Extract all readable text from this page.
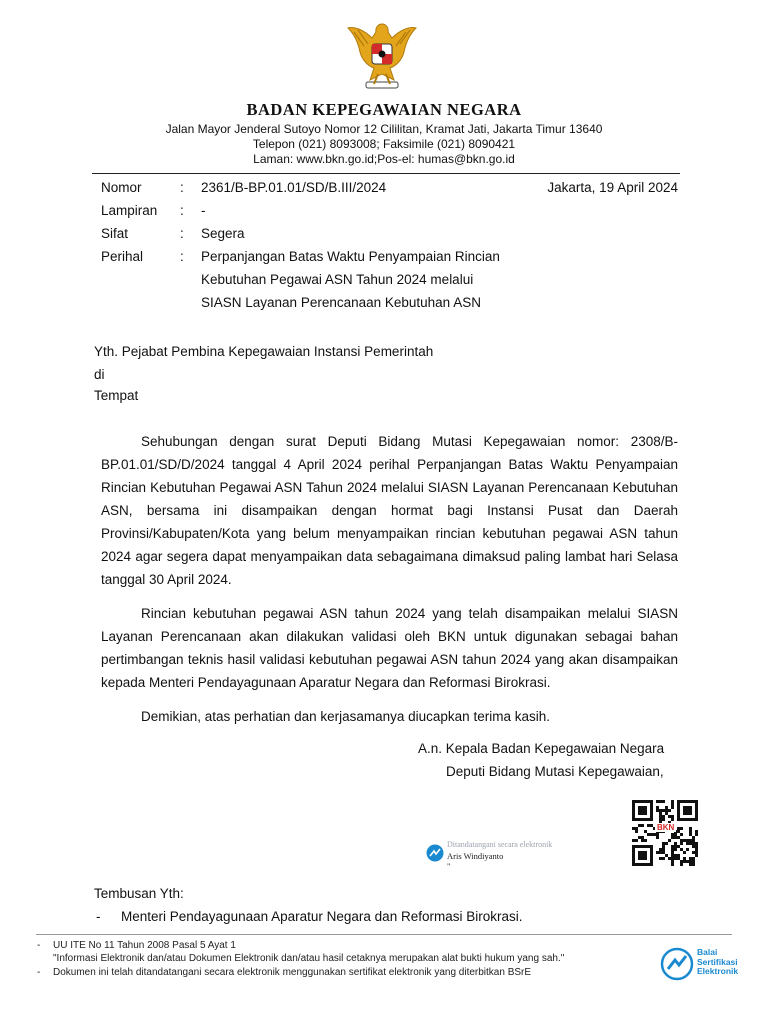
BADAN KEPEGAWAIAN NEGARA
Jalan Mayor Jenderal Sutoyo Nomor 12 Cililitan, Kramat Jati, Jakarta Timur 13640
Telepon (021) 8093008; Faksimile (021) 8090421
Laman: www.bkn.go.id;Pos-el: humas@bkn.go.id
Nomor	: 2361/B-BP.01.01/SD/B.III/2024	Jakarta, 19 April 2024
Lampiran : -
Sifat	: Segera
Perihal	: Perpanjangan Batas Waktu Penyampaian Rincian
Kebutuhan Pegawai ASN Tahun 2024 melalui
SIASN Layanan Perencanaan Kebutuhan ASN
Yth. Pejabat Pembina Kepegawaian Instansi Pemerintah
di
Tempat

Sehubungan dengan surat Deputi Bidang Mutasi Kepegawaian nomor: 2308/B-BP.01.01/SD/D/2024 tanggal 4 April 2024 perihal Perpanjangan Batas Waktu Penyampaian Rincian Kebutuhan Pegawai ASN Tahun 2024 melalui SIASN Layanan Perencanaan Kebutuhan ASN, bersama ini disampaikan dengan hormat bagi Instansi Pusat dan Daerah Provinsi/Kabupaten/Kota yang belum menyampaikan rincian kebutuhan pegawai ASN tahun 2024 agar segera dapat menyampaikan data sebagaimana dimaksud paling lambat hari Selasa tanggal 30 April 2024.

Rincian kebutuhan pegawai ASN tahun 2024 yang telah disampaikan melalui SIASN Layanan Perencanaan akan dilakukan validasi oleh BKN untuk digunakan sebagai bahan pertimbangan teknis hasil validasi kebutuhan pegawai ASN tahun 2024 yang akan disampaikan kepada Menteri Pendayagunaan Aparatur Negara dan Reformasi Birokrasi.

Demikian, atas perhatian dan kerjasamanya diucapkan terima kasih.
A.n. Kepala Badan Kepegawaian Negara
Deputi Bidang Mutasi Kepegawaian,
BKN
Ditandatangani secara elektronik
Aris Windiyanto
"
Tembusan Yth:
- Menteri Pendayagunaan Aparatur Negara dan Reformasi Birokrasi.
- UU ITE No 11 Tahun 2008 Pasal 5 Ayat 1
"Informasi Elektronik dan/atau Dokumen Elektronik dan/atau hasil cetaknya merupakan alat bukti hukum yang sah."
- Dokumen ini telah ditandatangani secara elektronik menggunakan sertifikat elektronik yang diterbitkan BSrE
Balai
Sertifikasi
Elektronik
